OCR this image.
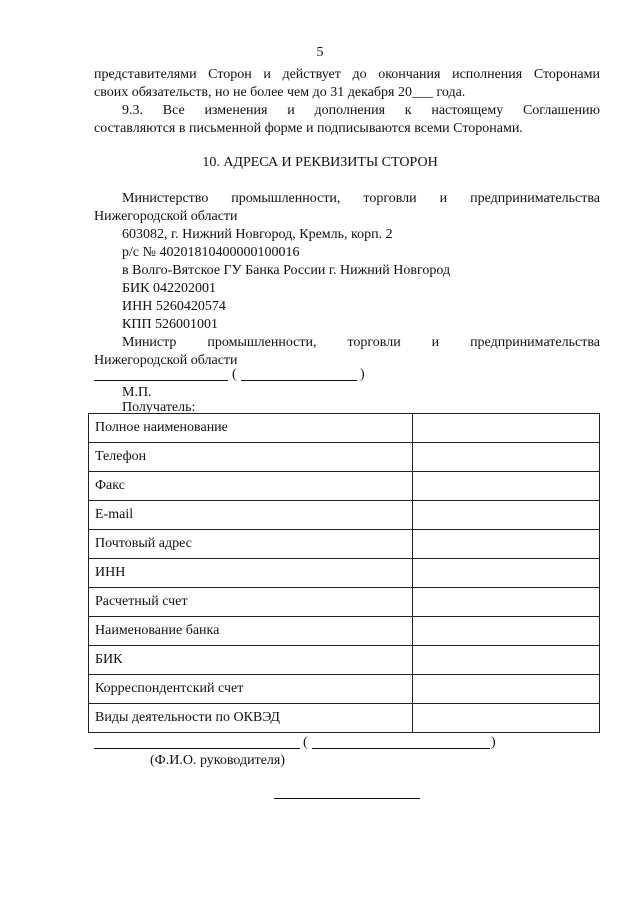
5
представителями Сторон и действует до окончания исполнения Сторонами
своих обязательств, но не более чем до 31 декабря 20___ года.
9.3. Все изменения и дополнения к настоящему Соглашению
составляются в письменной форме и подписываются всеми Сторонами.
10. АДРЕСА И РЕКВИЗИТЫ СТОРОН
Министерство промышленности, торговли и предпринимательства
Нижегородской области
603082, г. Нижний Новгород, Кремль, корп. 2
р/с № 40201810400000100016
в Волго-Вятское ГУ Банка России г. Нижний Новгород
БИК 042202001
ИНН 5260420574
КПП 526001001
Министр промышленности, торговли и предпринимательства
Нижегородской области
(	)
М.П.
Получатель:
Полное наименование	
Телефон	
Факс	
E-mail	
Почтовый адрес	
ИНН	
Расчетный счет	
Наименование банка	
БИК	
Корреспондентский счет	
Виды деятельности по ОКВЭД	
(	)
(Ф.И.О. руководителя)
